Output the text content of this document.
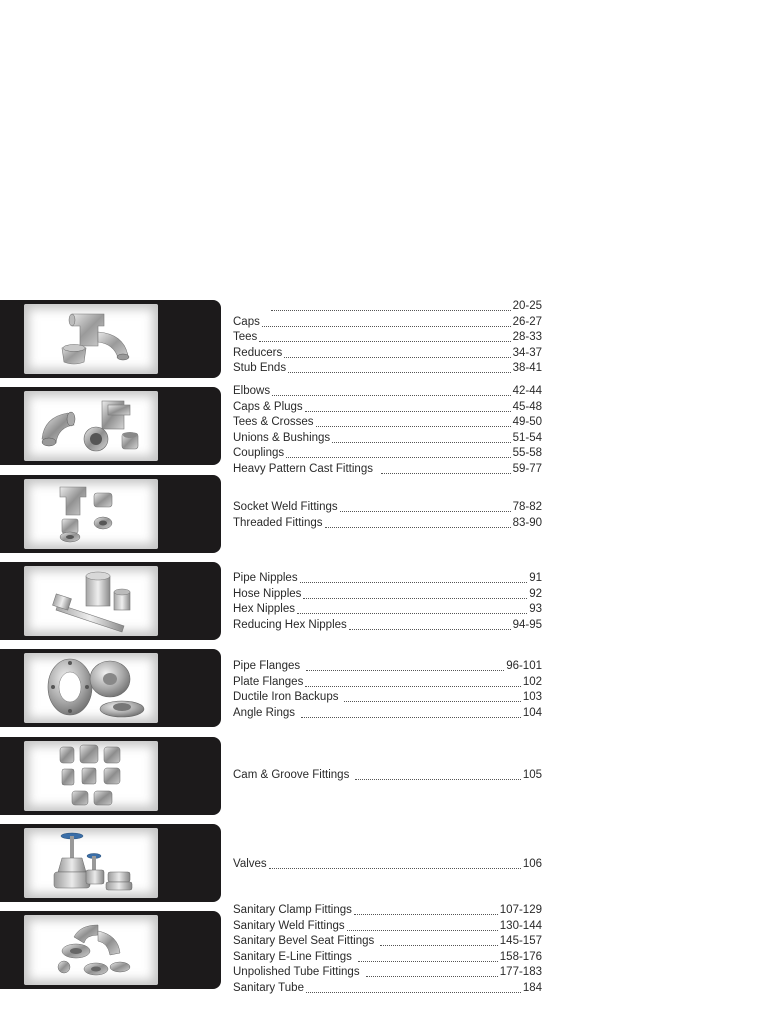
20-25
Caps	26-27
Tees	28-33
Reducers	34-37
Stub Ends	38-41
Elbows	42-44
Caps & Plugs	45-48
Tees & Crosses	49-50
Unions & Bushings	51-54
Couplings	55-58
Heavy Pattern Cast Fittings	59-77
Socket Weld Fittings	78-82
Threaded Fittings	83-90
Pipe Nipples	91
Hose Nipples	92
Hex Nipples	93
Reducing Hex Nipples	94-95
Pipe Flanges	96-101
Plate Flanges	102
Ductile Iron Backups	103
Angle Rings	104
Cam & Groove Fittings	105
Valves	106
Sanitary Clamp Fittings	107-129
Sanitary Weld Fittings	130-144
Sanitary Bevel Seat Fittings	145-157
Sanitary E-Line Fittings	158-176
Unpolished Tube Fittings	177-183
Sanitary Tube	184
